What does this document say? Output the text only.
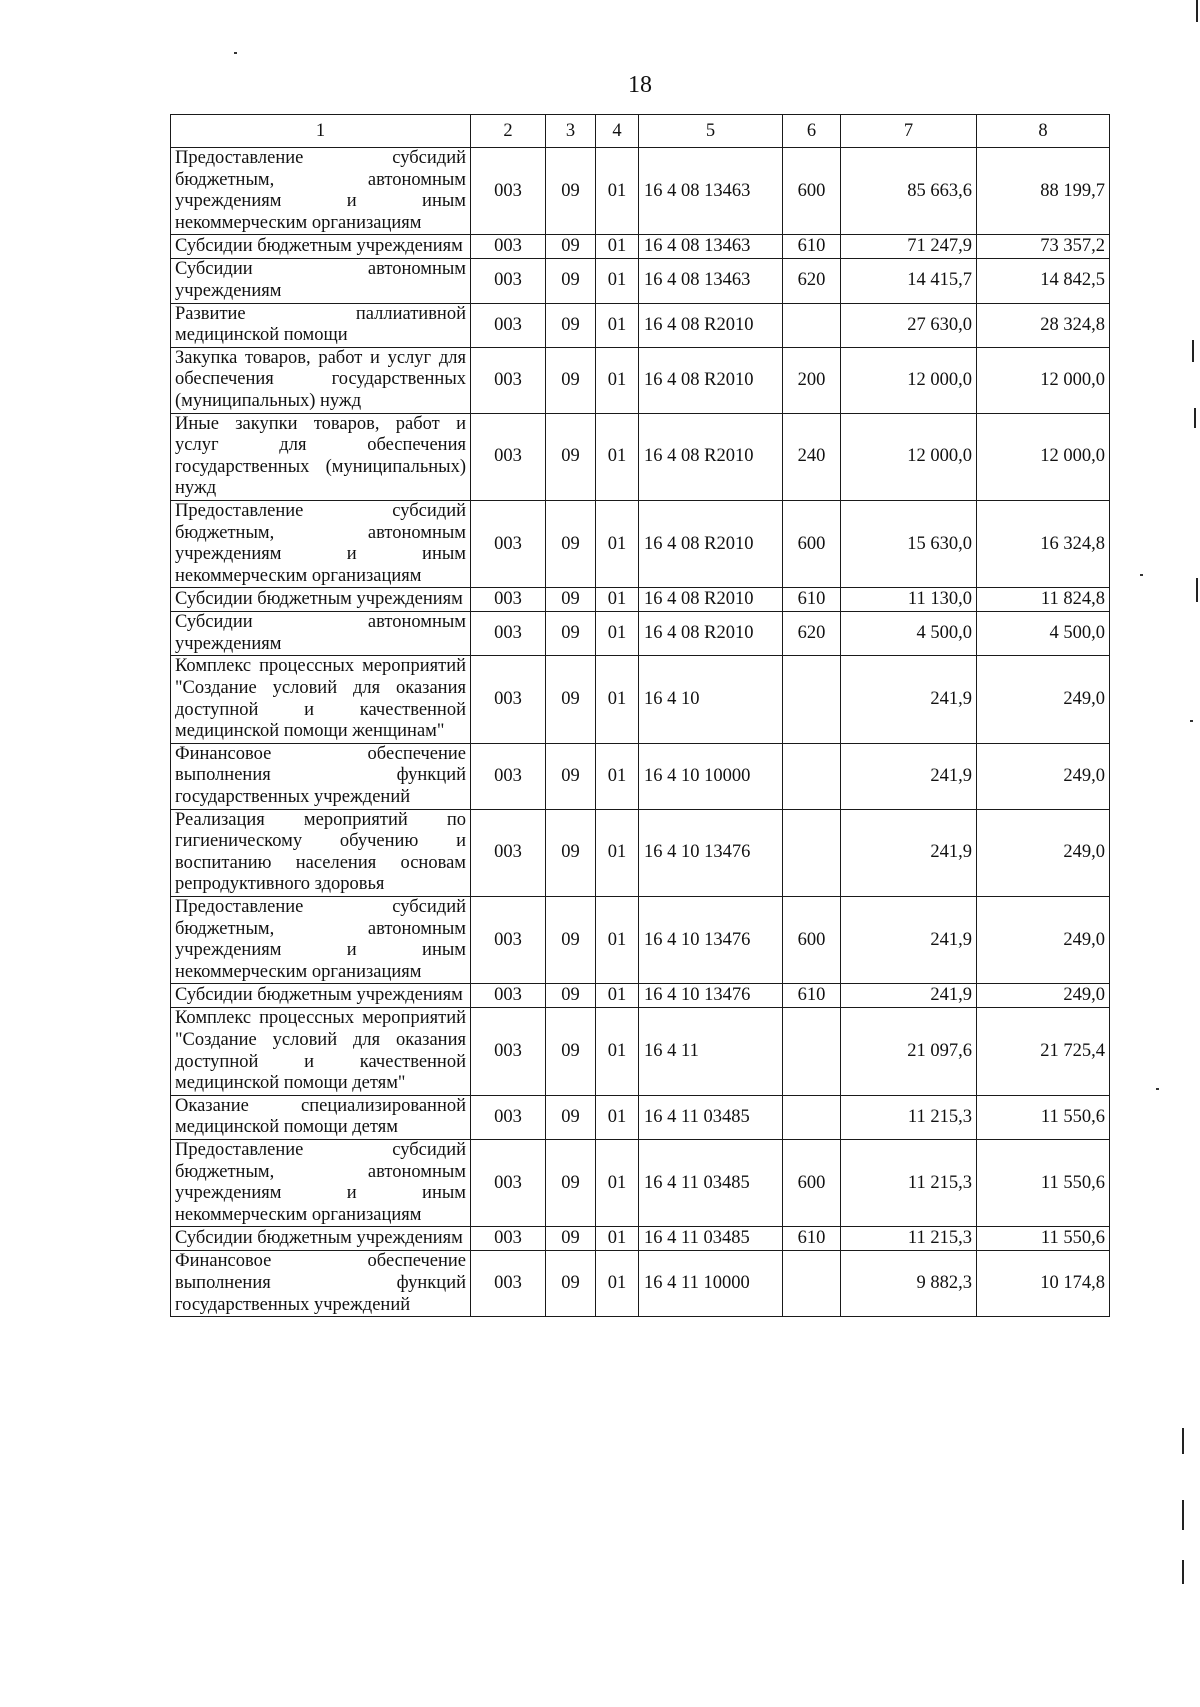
18
1	2	3	4	5	6	7	8
Предоставление субсидий бюджетным, автономным учреждениям и иным некоммерческим организациям	003	09	01	16 4 08 13463	600	85 663,6	88 199,7
Субсидии бюджетным учреждениям	003	09	01	16 4 08 13463	610	71 247,9	73 357,2
Субсидии автономным учреждениям	003	09	01	16 4 08 13463	620	14 415,7	14 842,5
Развитие паллиативной медицинской помощи	003	09	01	16 4 08 R2010		27 630,0	28 324,8
Закупка товаров, работ и услуг для обеспечения государственных (муниципальных) нужд	003	09	01	16 4 08 R2010	200	12 000,0	12 000,0
Иные закупки товаров, работ и услуг для обеспечения государственных (муниципальных) нужд	003	09	01	16 4 08 R2010	240	12 000,0	12 000,0
Предоставление субсидий бюджетным, автономным учреждениям и иным некоммерческим организациям	003	09	01	16 4 08 R2010	600	15 630,0	16 324,8
Субсидии бюджетным учреждениям	003	09	01	16 4 08 R2010	610	11 130,0	11 824,8
Субсидии автономным учреждениям	003	09	01	16 4 08 R2010	620	4 500,0	4 500,0
Комплекс процессных мероприятий "Создание условий для оказания доступной и качественной медицинской помощи женщинам"	003	09	01	16 4 10		241,9	249,0
Финансовое обеспечение выполнения функций государственных учреждений	003	09	01	16 4 10 10000		241,9	249,0
Реализация мероприятий по гигиеническому обучению и воспитанию населения основам репродуктивного здоровья	003	09	01	16 4 10 13476		241,9	249,0
Предоставление субсидий бюджетным, автономным учреждениям и иным некоммерческим организациям	003	09	01	16 4 10 13476	600	241,9	249,0
Субсидии бюджетным учреждениям	003	09	01	16 4 10 13476	610	241,9	249,0
Комплекс процессных мероприятий "Создание условий для оказания доступной и качественной медицинской помощи детям"	003	09	01	16 4 11		21 097,6	21 725,4
Оказание специализированной медицинской помощи детям	003	09	01	16 4 11 03485		11 215,3	11 550,6
Предоставление субсидий бюджетным, автономным учреждениям и иным некоммерческим организациям	003	09	01	16 4 11 03485	600	11 215,3	11 550,6
Субсидии бюджетным учреждениям	003	09	01	16 4 11 03485	610	11 215,3	11 550,6
Финансовое обеспечение выполнения функций государственных учреждений	003	09	01	16 4 11 10000		9 882,3	10 174,8
